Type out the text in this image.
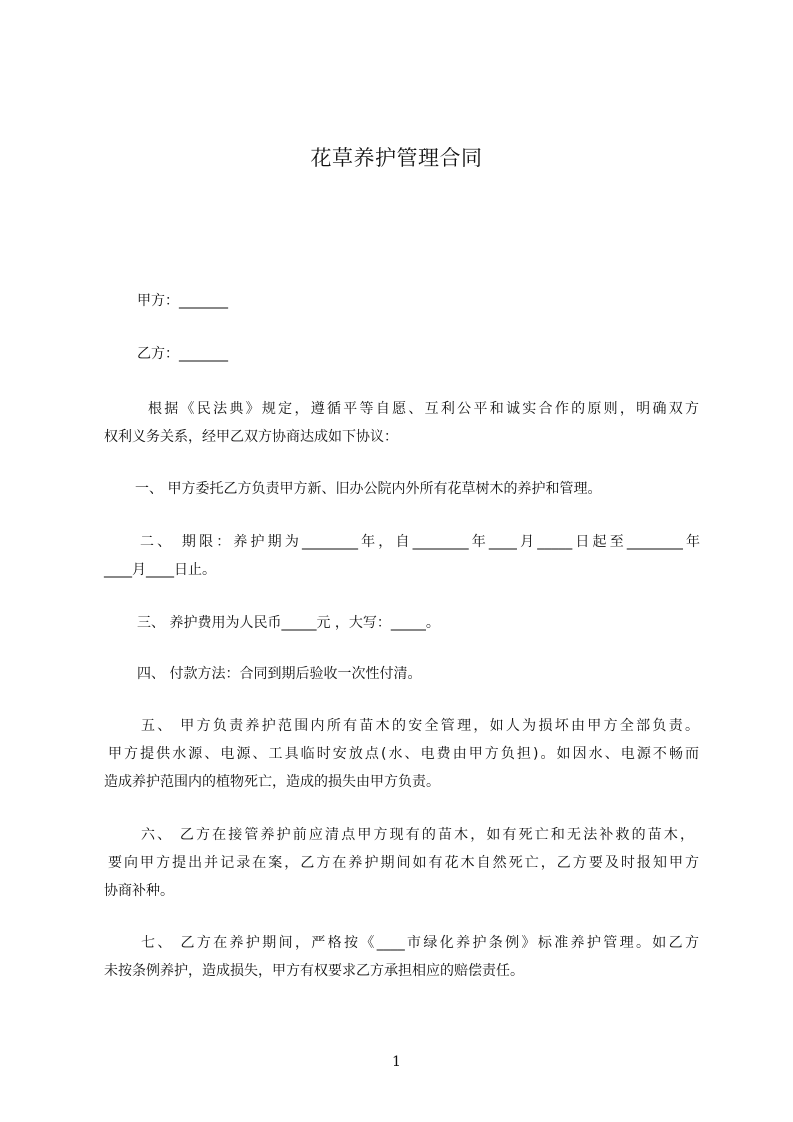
花草养护管理合同
甲方：_______
乙方：_______
根据《民法典》规定，遵循平等自愿、互利公平和诚实合作的原则，明确双方
权利义务关系，经甲乙双方协商达成如下协议：
一、 甲方委托乙方负责甲方新、旧办公院内外所有花草树木的养护和管理。
二、 期限：养护期为________年，自________年____月_____日起至________年
____月____日止。
三、 养护费用为人民币_____元 ，大写：_____。
四、 付款方法：合同到期后验收一次性付清。
五、 甲方负责养护范围内所有苗木的安全管理，如人为损坏由甲方全部负责。
甲方提供水源、电源、工具临时安放点(水、电费由甲方负担)。如因水、电源不畅而
造成养护范围内的植物死亡，造成的损失由甲方负责。
六、 乙方在接管养护前应清点甲方现有的苗木，如有死亡和无法补救的苗木，
要向甲方提出并记录在案，乙方在养护期间如有花木自然死亡，乙方要及时报知甲方
协商补种。
七、 乙方在养护期间，严格按《____市绿化养护条例》标准养护管理。如乙方
未按条例养护，造成损失，甲方有权要求乙方承担相应的赔偿责任。
1
